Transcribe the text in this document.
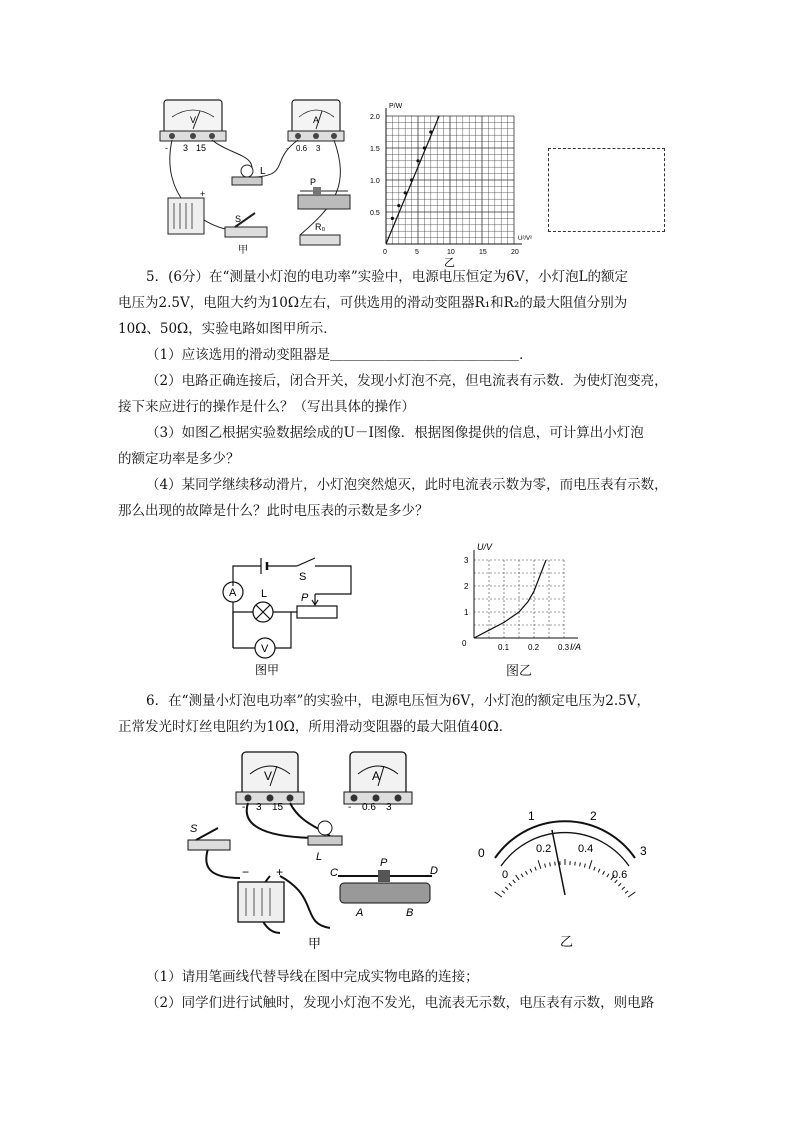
V
- 3 15
A
- 0.6 3
L
+
S
甲
P
R₀
0	5	10	15	20
0.5
1.0
1.5
2.0
P/W
U²/V²
乙
5．(6分）在“测量小灯泡的电功率”实验中，电源电压恒定为6V，小灯泡L的额定
电压为2.5V，电阻大约为10Ω左右，可供选用的滑动变阻器R₁和R₂的最大阻值分别为
10Ω、50Ω，实验电路如图甲所示．
（1）应该选用的滑动变阻器是＿＿＿＿＿＿＿＿＿＿＿＿＿＿．
（2）电路正确连接后，闭合开关，发现小灯泡不亮，但电流表有示数．为使灯泡变亮，
接下来应进行的操作是什么？（写出具体的操作）
（3）如图乙根据实验数据绘成的U－I图像．根据图像提供的信息，可计算出小灯泡
的额定功率是多少？
（4）某同学继续移动滑片，小灯泡突然熄灭，此时电流表示数为零，而电压表有示数，
那么出现的故障是什么？此时电压表的示数是多少？
A L
S
P
V
图甲
0.1 0.2 0.3
1
2
3
0
U/V
I/A
6．在“测量小灯泡电功率”的实验中，电源电压恒为6V，小灯泡的额定电压为2.5V，
正常发光时灯丝电阻约为10Ω，所用滑动变阻器的最大阻值40Ω．
V
- 3 15
A
- 0.6 3
S
L
− +	C
P
D
A	B
甲
0
1	2
3
0
0.2 0.4
0.6
乙
（1）请用笔画线代替导线在图中完成实物电路的连接；
（2）同学们进行试触时，发现小灯泡不发光，电流表无示数，电压表有示数，则电路
图乙
